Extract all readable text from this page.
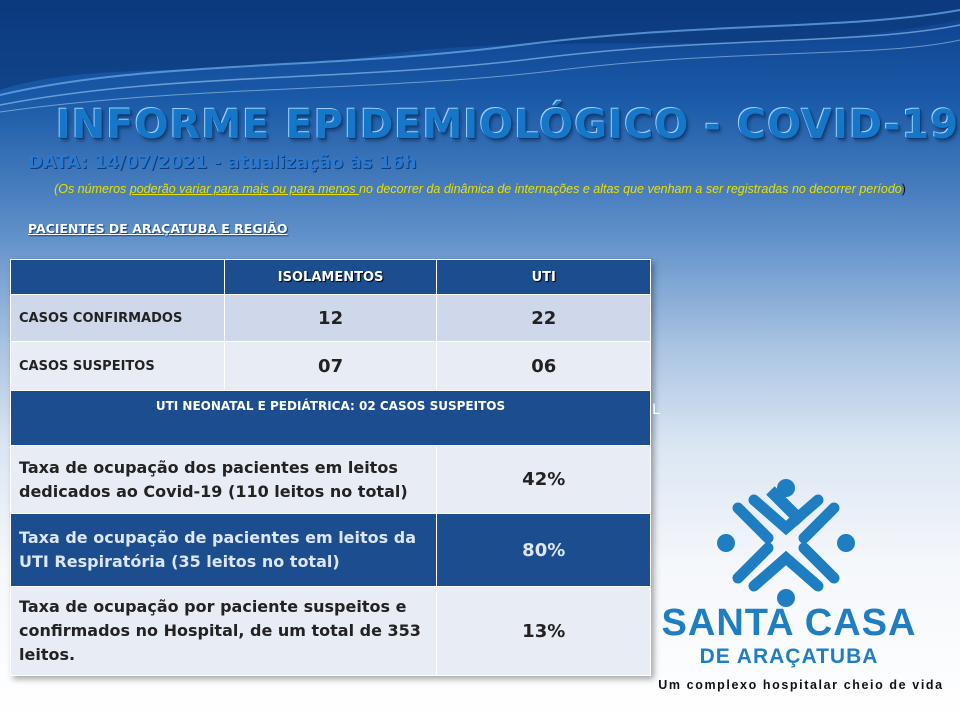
INFORME EPIDEMIOLÓGICO - COVID-19
DATA: 14/07/2021 - atualização às 16h
(Os números poderão variar para mais ou para menos no decorrer da dinâmica de internações e altas que venham a ser registradas no decorrer período)
PACIENTES DE ARAÇATUBA E REGIÃO
	ISOLAMENTOS	UTI
CASOS CONFIRMADOS	12	22
CASOS SUSPEITOS	07	06
UTI NEONATAL E PEDIÁTRICA: 02 CASOS SUSPEITOS		
Taxa de ocupação dos pacientes em leitos dedicados ao Covid-19 (110 leitos no total)		42%
Taxa de ocupação de pacientes em leitos da UTI Respiratória (35 leitos no total)		80%
Taxa de ocupação por paciente suspeitos e confirmados no Hospital, de um total de 353 leitos.		13%
L
SANTA CASA
DE ARAÇATUBA
Um complexo hospitalar cheio de vida
